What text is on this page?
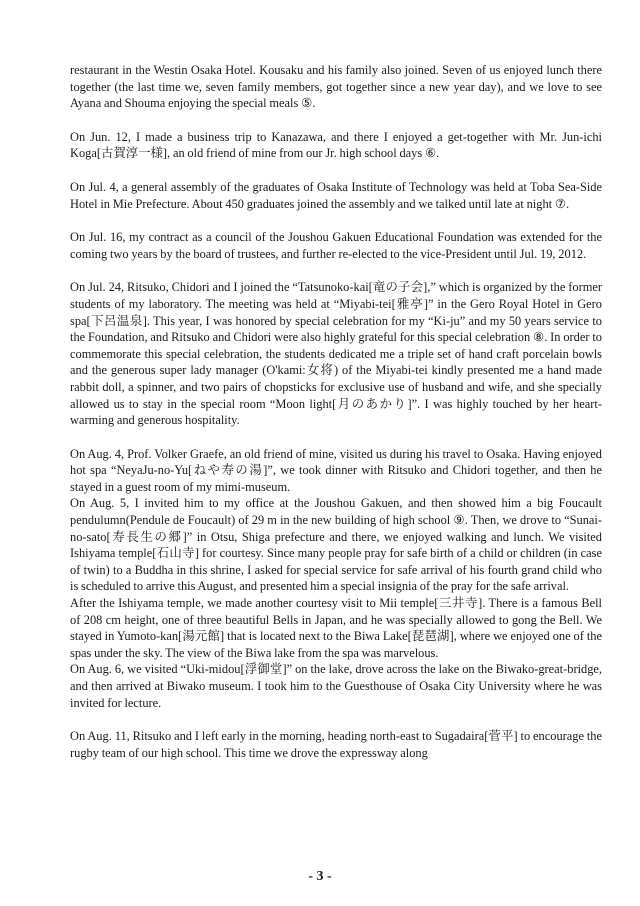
restaurant in the Westin Osaka Hotel. Kousaku and his family also joined. Seven of us enjoyed lunch there together (the last time we, seven family members, got together since a new year day), and we love to see Ayana and Shouma enjoying the special meals ⑤.

On Jun. 12, I made a business trip to Kanazawa, and there I enjoyed a get-together with Mr. Jun-ichi Koga[古賀淳一様], an old friend of mine from our Jr. high school days ⑥.

On Jul. 4, a general assembly of the graduates of Osaka Institute of Technology was held at Toba Sea-Side Hotel in Mie Prefecture. About 450 graduates joined the assembly and we talked until late at night ⑦.

On Jul. 16, my contract as a council of the Joushou Gakuen Educational Foundation was extended for the coming two years by the board of trustees, and further re-elected to the vice-President until Jul. 19, 2012.

On Jul. 24, Ritsuko, Chidori and I joined the “Tatsunoko-kai[竜の子会],” which is organized by the former students of my laboratory. The meeting was held at “Miyabi-tei[雅亭]” in the Gero Royal Hotel in Gero spa[下呂温泉]. This year, I was honored by special celebration for my “Ki-ju” and my 50 years service to the Foundation, and Ritsuko and Chidori were also highly grateful for this special celebration ⑧. In order to commemorate this special celebration, the students dedicated me a triple set of hand craft porcelain bowls and the generous super lady manager (O'kami:女将) of the Miyabi-tei kindly presented me a hand made rabbit doll, a spinner, and two pairs of chopsticks for exclusive use of husband and wife, and she specially allowed us to stay in the special room “Moon light[月のあかり]”. I was highly touched by her heart-warming and generous hospitality.

On Aug. 4, Prof. Volker Graefe, an old friend of mine, visited us during his travel to Osaka. Having enjoyed hot spa “NeyaJu-no-Yu[ねや寿の湯]”, we took dinner with Ritsuko and Chidori together, and then he stayed in a guest room of my mimi-museum.

On Aug. 5, I invited him to my office at the Joushou Gakuen, and then showed him a big Foucault pendulumn(Pendule de Foucault) of 29 m in the new building of high school ⑨. Then, we drove to “Sunai-no-sato[寿長生の郷]” in Otsu, Shiga prefecture and there, we enjoyed walking and lunch. We visited Ishiyama temple[石山寺] for courtesy. Since many people pray for safe birth of a child or children (in case of twin) to a Buddha in this shrine, I asked for special service for safe arrival of his fourth grand child who is scheduled to arrive this August, and presented him a special insignia of the pray for the safe arrival.

After the Ishiyama temple, we made another courtesy visit to Mii temple[三井寺]. There is a famous Bell of 208 cm height, one of three beautiful Bells in Japan, and he was specially allowed to gong the Bell. We stayed in Yumoto-kan[湯元館] that is located next to the Biwa Lake[琵琶湖], where we enjoyed one of the spas under the sky. The view of the Biwa lake from the spa was marvelous.

On Aug. 6, we visited “Uki-midou[浮御堂]” on the lake, drove across the lake on the Biwako-great-bridge, and then arrived at Biwako museum. I took him to the Guesthouse of Osaka City University where he was invited for lecture.

On Aug. 11, Ritsuko and I left early in the morning, heading north-east to Sugadaira[菅平] to encourage the rugby team of our high school. This time we drove the expressway along

- 3 -
